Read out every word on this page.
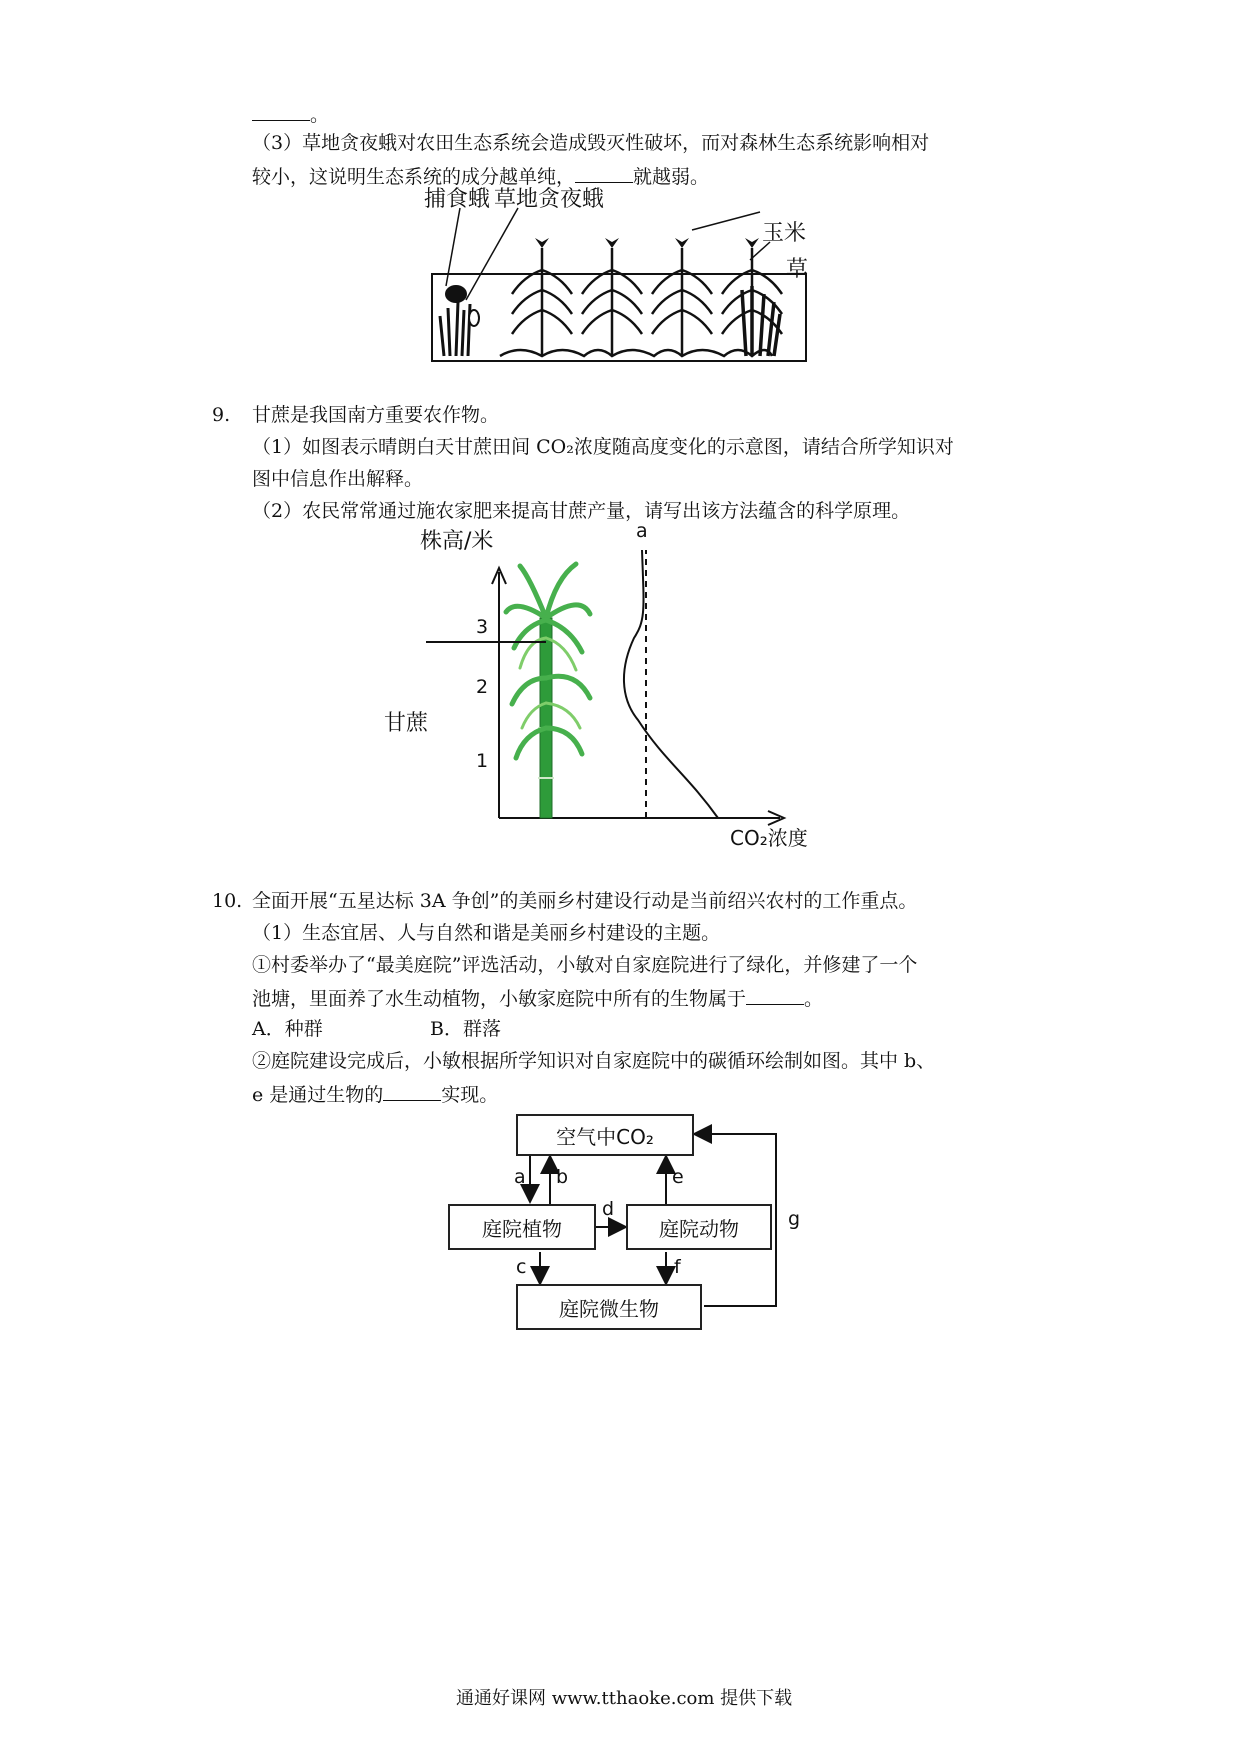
。
（3）草地贪夜蛾对农田生态系统会造成毁灭性破坏，而对森林生态系统影响相对
较小，这说明生态系统的成分越单纯，	就越弱。
捕食蛾 草地贪夜蛾
玉米
草
9. 甘蔗是我国南方重要农作物。
（1）如图表示晴朗白天甘蔗田间 CO₂浓度随高度变化的示意图，请结合所学知识对
图中信息作出解释。
（2）农民常常通过施农家肥来提高甘蔗产量，请写出该方法蕴含的科学原理。
株高/米	a
3
2
1
甘蔗
CO₂浓度
10. 全面开展“五星达标 3A 争创”的美丽乡村建设行动是当前绍兴农村的工作重点。
（1）生态宜居、人与自然和谐是美丽乡村建设的主题。
①村委举办了“最美庭院”评选活动，小敏对自家庭院进行了绿化，并修建了一个
池塘，里面养了水生动植物，小敏家庭院中所有的生物属于	。
A．种群	B．群落
②庭院建设完成后，小敏根据所学知识对自家庭院中的碳循环绘制如图。其中 b、
e 是通过生物的	实现。
空气中CO₂
庭院植物	庭院动物
庭院微生物
a b
c
d
e
f
g
通通好课网 www.tthaoke.com 提供下载
